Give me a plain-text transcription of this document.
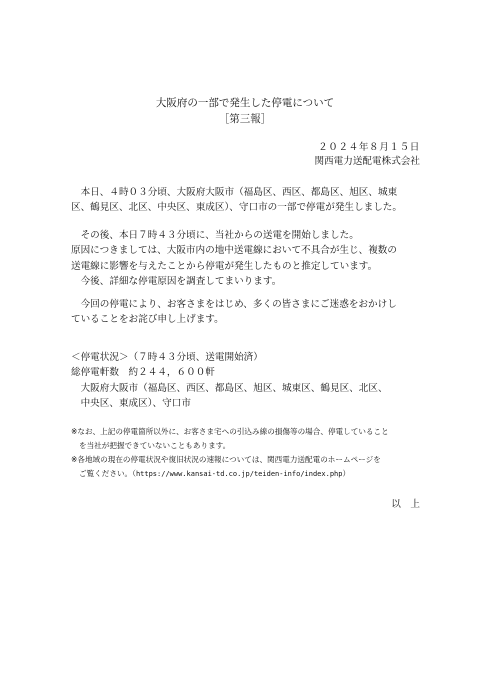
大阪府の一部で発生した停電について
［第三報］
２０２４年８月１５日
関西電力送配電株式会社
本日、４時０３分頃、大阪府大阪市（福島区、西区、都島区、旭区、城東
区、鶴見区、北区、中央区、東成区）、守口市の一部で停電が発生しました。
その後、本日７時４３分頃に、当社からの送電を開始しました。
原因につきましては、大阪市内の地中送電線において不具合が生じ、複数の
送電線に影響を与えたことから停電が発生したものと推定しています。
今後、詳細な停電原因を調査してまいります。
今回の停電により、お客さまをはじめ、多くの皆さまにご迷惑をおかけし
ていることをお詫び申し上げます。
＜停電状況＞（７時４３分頃、送電開始済）
総停電軒数　約２４４，６００軒
大阪府大阪市（福島区、西区、都島区、旭区、城東区、鶴見区、北区、
中央区、東成区）、守口市
※なお、上記の停電箇所以外に、お客さま宅への引込み線の損傷等の場合、停電していること
を当社が把握できていないこともあります。
※各地域の現在の停電状況や復旧状況の速報については、関西電力送配電のホームページを
ご覧ください。（https://www.kansai-td.co.jp/teiden-info/index.php）
以　上
